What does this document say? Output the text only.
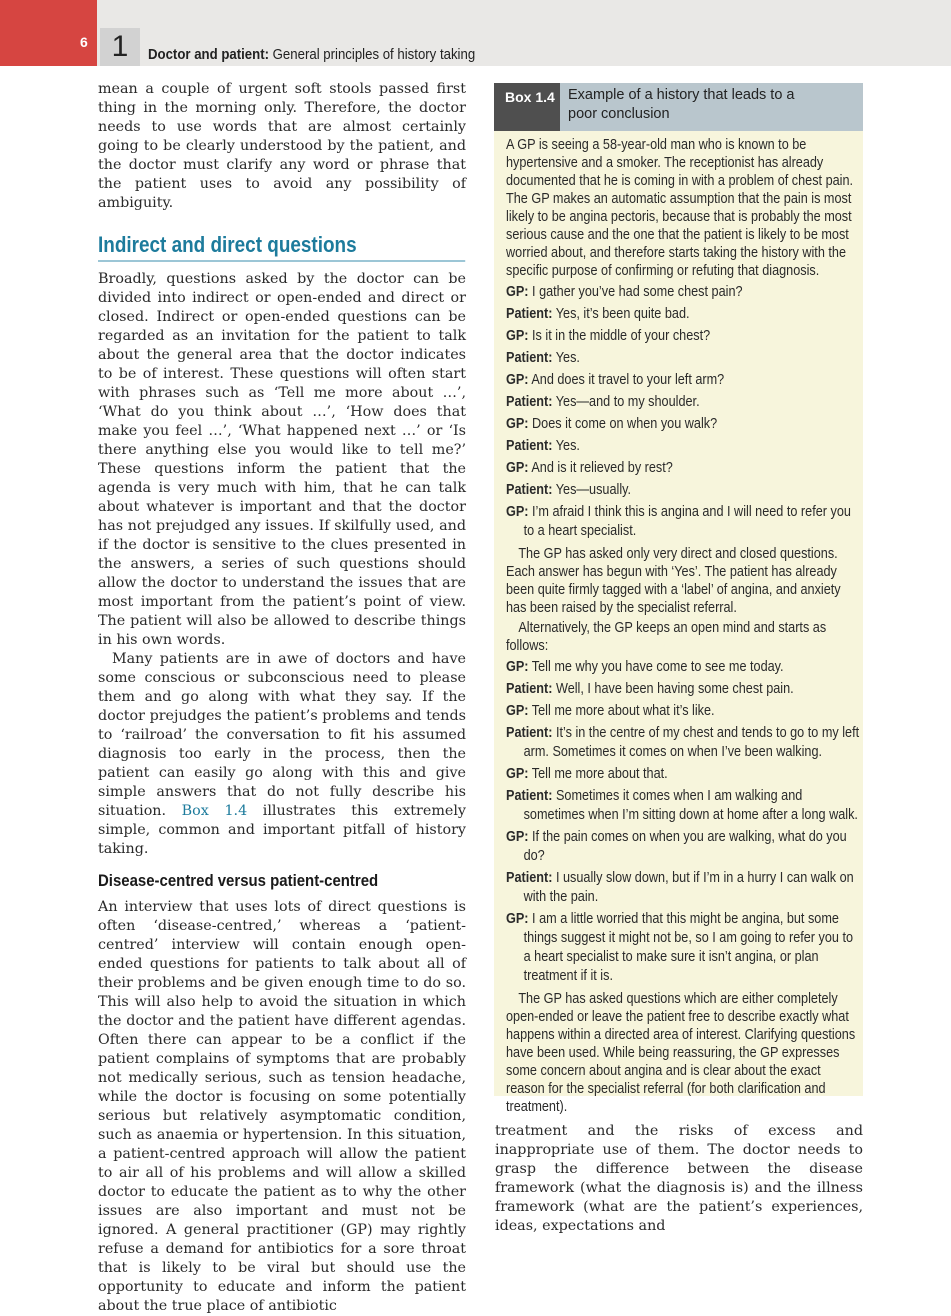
6 1	Doctor and patient: General principles of history taking

mean a couple of urgent soft stools passed first thing in the morning only. Therefore, the doctor needs to use words that are almost certainly going to be clearly understood by the patient, and the doctor must clarify any word or phrase that the patient uses to avoid any possibility of ambiguity.

Indirect and direct questions

Broadly, questions asked by the doctor can be divided into indirect or open-ended and direct or closed. Indirect or open-ended questions can be regarded as an invitation for the patient to talk about the general area that the doctor indicates to be of interest. These questions will often start with phrases such as ‘Tell me more about …’, ‘What do you think about …’, ‘How does that make you feel …’, ‘What happened next …’ or ‘Is there anything else you would like to tell me?’ These questions inform the patient that the agenda is very much with him, that he can talk about whatever is important and that the doctor has not prejudged any issues. If skilfully used, and if the doctor is sensitive to the clues presented in the answers, a series of such questions should allow the doctor to understand the issues that are most important from the patient’s point of view. The patient will also be allowed to describe things in his own words.

Many patients are in awe of doctors and have some conscious or subconscious need to please them and go along with what they say. If the doctor prejudges the patient’s problems and tends to ‘railroad’ the conversation to fit his assumed diagnosis too early in the process, then the patient can easily go along with this and give simple answers that do not fully describe his situation. Box 1.4 illustrates this extremely simple, common and important pitfall of history taking.

Disease-centred versus patient-centred

An interview that uses lots of direct questions is often ‘disease-centred,’ whereas a ‘patient-centred’ interview will contain enough open-ended questions for patients to talk about all of their problems and be given enough time to do so. This will also help to avoid the situation in which the doctor and the patient have different agendas. Often there can appear to be a conflict if the patient complains of symptoms that are probably not medically serious, such as tension headache, while the doctor is focusing on some potentially serious but relatively asymptomatic condition, such as anaemia or hypertension. In this situation, a patient-centred approach will allow the patient to air all of his problems and will allow a skilled doctor to educate the patient as to why the other issues are also important and must not be ignored. A general practitioner (GP) may rightly refuse a demand for antibiotics for a sore throat that is likely to be viral but should use the opportunity to educate and inform the patient about the true place of antibiotic

Box 1.4 Example of a history that leads to a poor conclusion

A GP is seeing a 58-year-old man who is known to be hypertensive and a smoker. The receptionist has already documented that he is coming in with a problem of chest pain. The GP makes an automatic assumption that the pain is most likely to be angina pectoris, because that is probably the most serious cause and the one that the patient is likely to be most worried about, and therefore starts taking the history with the specific purpose of confirming or refuting that diagnosis.

GP: I gather you’ve had some chest pain?

Patient: Yes, it’s been quite bad.

GP: Is it in the middle of your chest?

Patient: Yes.

GP: And does it travel to your left arm?

Patient: Yes—and to my shoulder.

GP: Does it come on when you walk?

Patient: Yes.

GP: And is it relieved by rest?

Patient: Yes—usually.

GP: I’m afraid I think this is angina and I will need to refer you to a heart specialist.

The GP has asked only very direct and closed questions. Each answer has begun with ‘Yes’. The patient has already been quite firmly tagged with a ‘label’ of angina, and anxiety has been raised by the specialist referral.

Alternatively, the GP keeps an open mind and starts as follows:

GP: Tell me why you have come to see me today.

Patient: Well, I have been having some chest pain.

GP: Tell me more about what it’s like.

Patient: It’s in the centre of my chest and tends to go to my left arm. Sometimes it comes on when I’ve been walking.

GP: Tell me more about that.

Patient: Sometimes it comes when I am walking and sometimes when I’m sitting down at home after a long walk.

GP: If the pain comes on when you are walking, what do you do?

Patient: I usually slow down, but if I’m in a hurry I can walk on with the pain.

GP: I am a little worried that this might be angina, but some things suggest it might not be, so I am going to refer you to a heart specialist to make sure it isn’t angina, or plan treatment if it is.

The GP has asked questions which are either completely open-ended or leave the patient free to describe exactly what happens within a directed area of interest. Clarifying questions have been used. While being reassuring, the GP expresses some concern about angina and is clear about the exact reason for the specialist referral (for both clarification and treatment).

treatment and the risks of excess and inappropriate use of them. The doctor needs to grasp the difference between the disease framework (what the diagnosis is) and the illness framework (what are the patient’s experiences, ideas, expectations and
